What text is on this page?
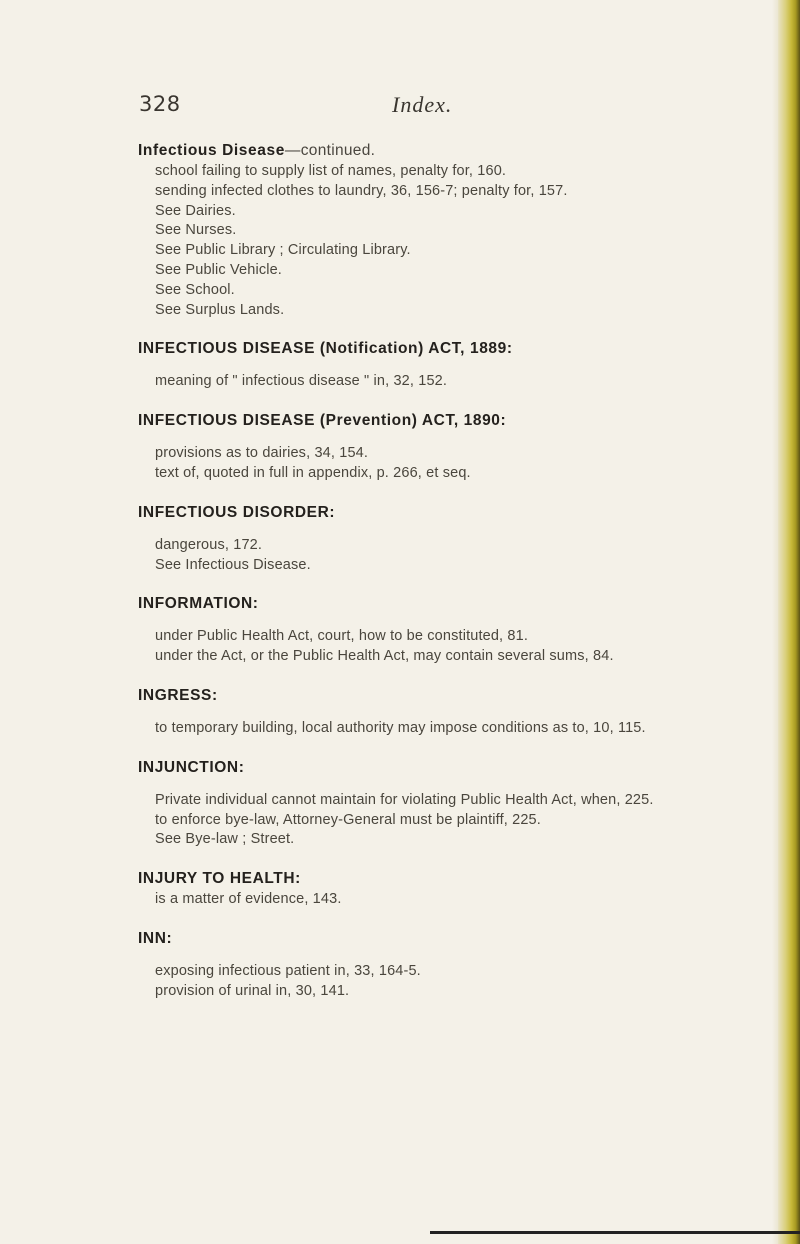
328	Index.
Infectious Disease—continued.
school failing to supply list of names, penalty for, 160.
sending infected clothes to laundry, 36, 156-7; penalty for, 157.
See Dairies.
See Nurses.
See Public Library ; Circulating Library.
See Public Vehicle.
See School.
See Surplus Lands.
INFECTIOUS DISEASE (Notification) ACT, 1889:
meaning of " infectious disease " in, 32, 152.
INFECTIOUS DISEASE (Prevention) ACT, 1890:
provisions as to dairies, 34, 154.
text of, quoted in full in appendix, p. 266, et seq.
INFECTIOUS DISORDER:
dangerous, 172.
See Infectious Disease.
INFORMATION:
under Public Health Act, court, how to be constituted, 81.
under the Act, or the Public Health Act, may contain several sums, 84.
INGRESS:
to temporary building, local authority may impose conditions as to, 10, 115.
INJUNCTION:
Private individual cannot maintain for violating Public Health Act, when, 225.
to enforce bye-law, Attorney-General must be plaintiff, 225.
See Bye-law ; Street.
INJURY TO HEALTH:
is a matter of evidence, 143.
INN:
exposing infectious patient in, 33, 164-5.
provision of urinal in, 30, 141.
